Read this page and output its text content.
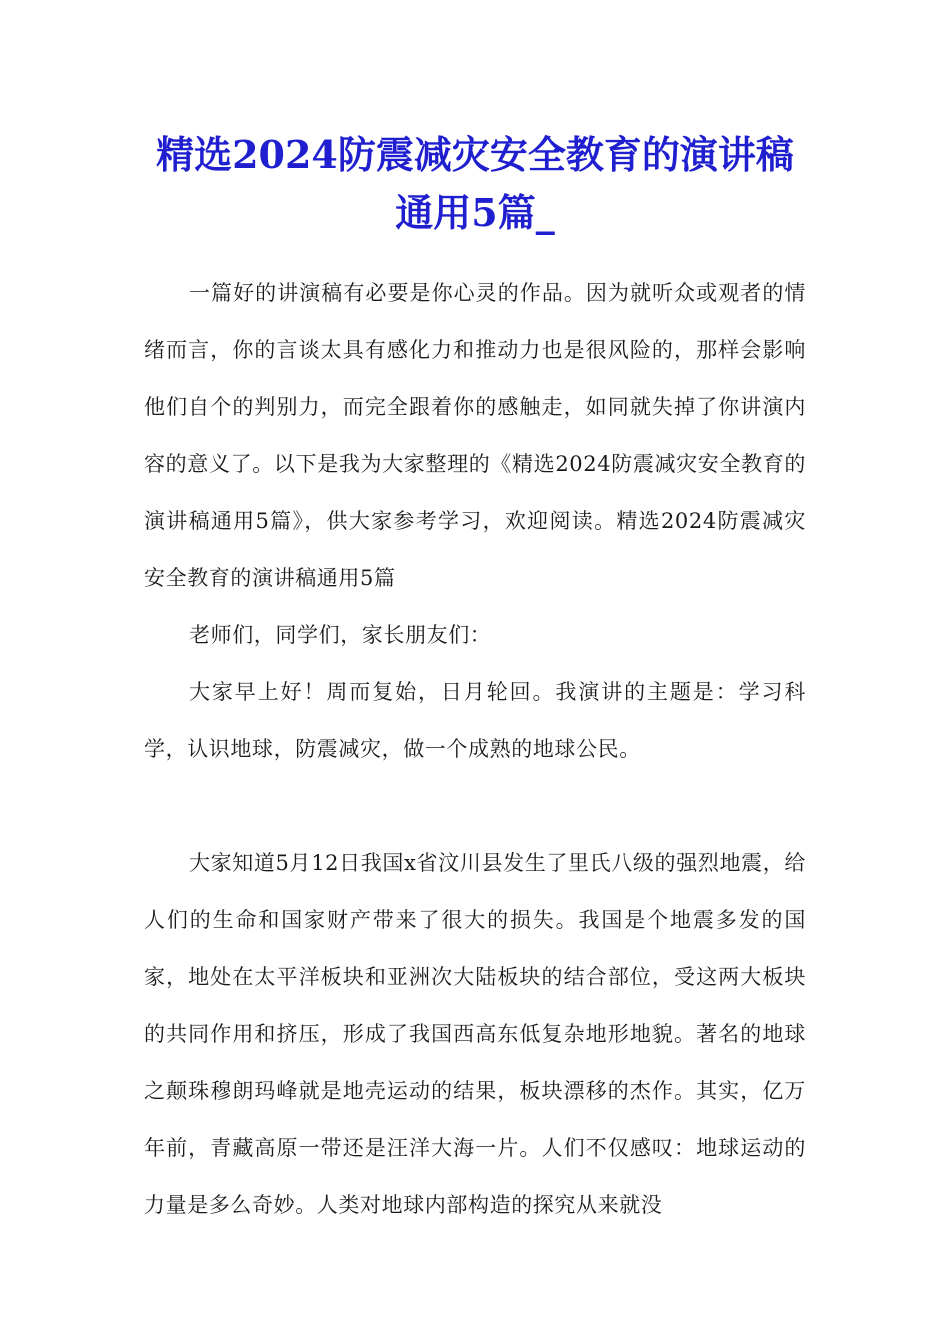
精选2024防震减灾安全教育的演讲稿通用5篇_

一篇好的讲演稿有必要是你心灵的作品。因为就听众或观者的情绪而言，你的言谈太具有感化力和推动力也是很风险的，那样会影响他们自个的判别力，而完全跟着你的感触走，如同就失掉了你讲演内容的意义了。以下是我为大家整理的《精选2024防震减灾安全教育的演讲稿通用5篇》，供大家参考学习，欢迎阅读。精选2024防震减灾安全教育的演讲稿通用5篇

老师们，同学们，家长朋友们：

大家早上好！周而复始，日月轮回。我演讲的主题是：学习科学，认识地球，防震减灾，做一个成熟的地球公民。

大家知道5月12日我国x省汶川县发生了里氏八级的强烈地震，给人们的生命和国家财产带来了很大的损失。我国是个地震多发的国家，地处在太平洋板块和亚洲次大陆板块的结合部位，受这两大板块的共同作用和挤压，形成了我国西高东低复杂地形地貌。著名的地球之颠珠穆朗玛峰就是地壳运动的结果，板块漂移的杰作。其实，亿万年前，青藏高原一带还是汪洋大海一片。人们不仅感叹：地球运动的力量是多么奇妙。人类对地球内部构造的探究从来就没
